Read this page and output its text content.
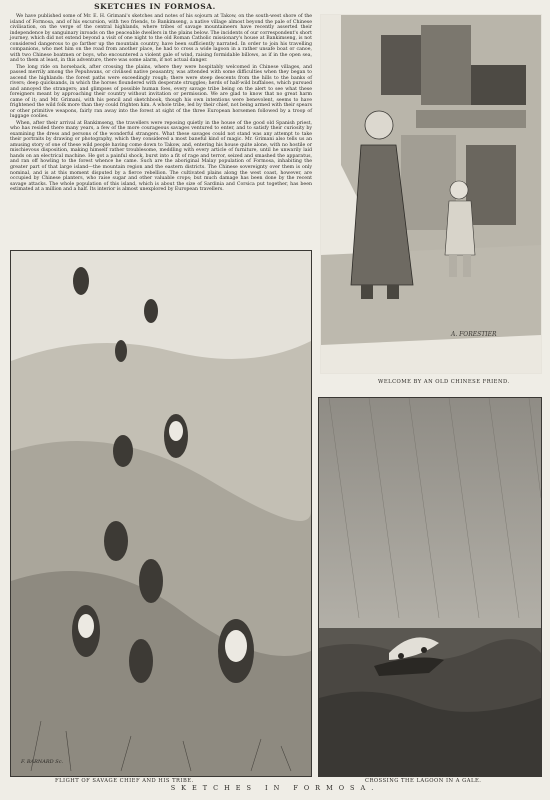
SKETCHES IN FORMOSA.

We have published some of Mr. E. H. Grimani's sketches and notes of his sojourn at Takow, on the south-west shore of the island of Formosa, and of his excursion, with two friends, to Bankimseng, a native village almost beyond the pale of Chinese civilisation, on the verge of the central highlands, where tribes of savage mountaineers have recently asserted their independence by sanguinary inroads on the peaceable dwellers in the plains below. The incidents of our correspondent's short journey, which did not extend beyond a visit of one night to the old Roman Catholic missionary's house at Bankimseng, is not considered dangerous to go farther up the mountain country, have been sufficiently narrated. In order to join his travelling companions, who met him on the road from another place, he had to cross a wide lagoon in a rather unsafe boat or canoe, with two Chinese boatmen or boys, who encountered a violent gale of wind, raising formidable billows, as if in the open sea, and to them at least, in this adventure, there was some alarm, if not actual danger.

The long ride on horseback, after crossing the plains, where they were hospitably welcomed in Chinese villages, and passed merrily among the Pepuhwans, or civilised native peasantry, was attended with some difficulties when they began to ascend the highlands: the forest paths were exceedingly rough; there were steep descents from the hills to the banks of rivers; deep quicksands, in which the horses floundered with desperate struggles; herds of half-wild buffaloes, which pursued and annoyed the strangers; and glimpses of possible human foes, every savage tribe being on the alert to see what these foreigners meant by approaching their country without invitation or permission. We are glad to know that no great harm came of it; and Mr. Grimani, with his pencil and sketchbook, though his own intentions were benevolent, seems to have frightened the wild folk more than they could frighten him. A whole tribe, led by their chief, not being armed with their spears or other primitive weapons, fairly ran away into the forest at sight of the three European horsemen followed by a troop of luggage coolies.

When, after their arrival at Bankimseng, the travellers were reposing quietly in the house of the good old Spanish priest, who has resided there many years, a few of the more courageous savages ventured to enter, and to satisfy their curiosity by examining the dress and persons of the wonderful strangers. What these savages could not stand was any attempt to take their portraits by drawing or photography, which they considered a most baneful kind of magic. Mr. Grimani also tells us an amusing story of one of these wild people having come down to Takow, and, entering his house quite alone, with no hostile or mischievous disposition, making himself rather troublesome, meddling with every article of furniture, until he unwarily laid hands on an electrical machine. He got a painful shock, burst into a fit of rage and terror, seized and smashed the apparatus, and ran off howling to the forest whence he came. Such are the aboriginal Malay population of Formosa, inhabiting the greater part of that large island—the mountain region and the eastern districts. The Chinese sovereignty over them is only nominal, and is at this moment disputed by a fierce rebellion. The cultivated plains along the west coast, however, are occupied by Chinese planters, who raise sugar and other valuable crops; but much damage has been done by the recent savage attacks. The whole population of this island, which is about the size of Sardinia and Corsica put together, has been estimated at a million and a half. Its interior is almost unexplored by European travellers.

A. FORESTIER
WELCOME BY AN OLD CHINESE FRIEND.
F. BARNARD Sc.
FLIGHT OF SAVAGE CHIEF AND HIS TRIBE.	CROSSING THE LAGOON IN A GALE.
SKETCHES IN FORMOSA.
